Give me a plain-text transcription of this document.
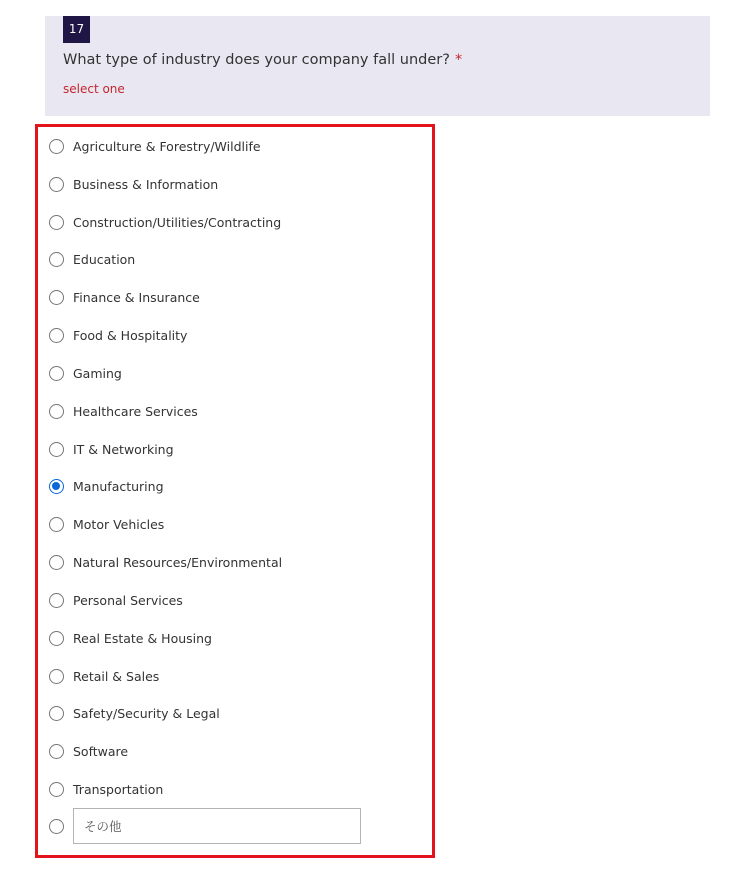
17
What type of industry does your company fall under? *
select one
Agriculture & Forestry/Wildlife
Business & Information
Construction/Utilities/Contracting
Education
Finance & Insurance
Food & Hospitality
Gaming
Healthcare Services
IT & Networking
Manufacturing
Motor Vehicles
Natural Resources/Environmental
Personal Services
Real Estate & Housing
Retail & Sales
Safety/Security & Legal
Software
Transportation
その他
